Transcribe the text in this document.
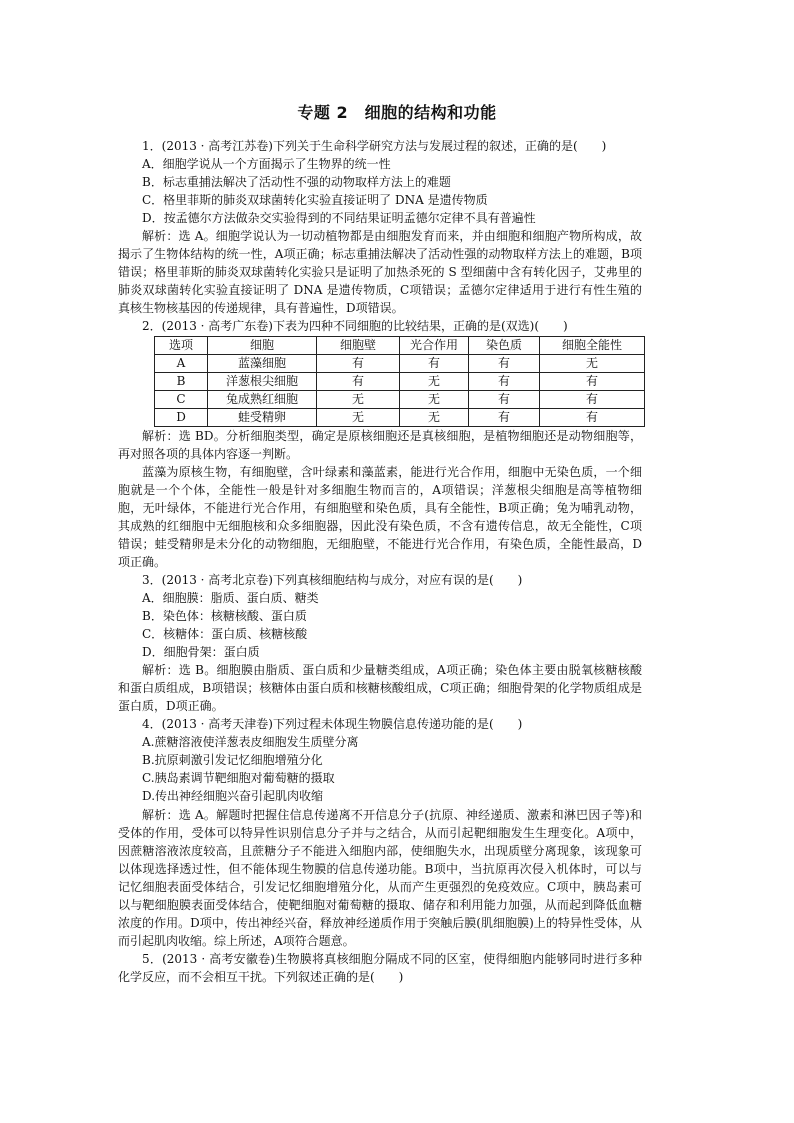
专题 2　细胞的结构和功能

1．(2013 · 高考江苏卷)下列关于生命科学研究方法与发展过程的叙述，正确的是(　　)

A．细胞学说从一个方面揭示了生物界的统一性

B．标志重捕法解决了活动性不强的动物取样方法上的难题

C．格里菲斯的肺炎双球菌转化实验直接证明了 DNA 是遗传物质

D．按孟德尔方法做杂交实验得到的不同结果证明孟德尔定律不具有普遍性

解析：选 A。细胞学说认为一切动植物都是由细胞发育而来，并由细胞和细胞产物所构成，故揭示了生物体结构的统一性，A项正确；标志重捕法解决了活动性强的动物取样方法上的难题，B项错误；格里菲斯的肺炎双球菌转化实验只是证明了加热杀死的 S 型细菌中含有转化因子，艾弗里的肺炎双球菌转化实验直接证明了 DNA 是遗传物质，C项错误；孟德尔定律适用于进行有性生殖的真核生物核基因的传递规律，具有普遍性，D项错误。

2．(2013 · 高考广东卷)下表为四种不同细胞的比较结果，正确的是(双选)(　　)

选项	细胞	细胞壁	光合作用	染色质	细胞全能性
A	蓝藻细胞	有	有	有	无
B	洋葱根尖细胞	有	无	有	有
C	兔成熟红细胞	无	无	有	有
D	蛙受精卵	无	无	有	有

解析：选 BD。分析细胞类型，确定是原核细胞还是真核细胞，是植物细胞还是动物细胞等，再对照各项的具体内容逐一判断。

蓝藻为原核生物，有细胞壁，含叶绿素和藻蓝素，能进行光合作用，细胞中无染色质，一个细胞就是一个个体，全能性一般是针对多细胞生物而言的，A项错误；洋葱根尖细胞是高等植物细胞，无叶绿体，不能进行光合作用，有细胞壁和染色质，具有全能性，B项正确；兔为哺乳动物，其成熟的红细胞中无细胞核和众多细胞器，因此没有染色质，不含有遗传信息，故无全能性，C项错误；蛙受精卵是未分化的动物细胞，无细胞壁，不能进行光合作用，有染色质，全能性最高，D项正确。

3．(2013 · 高考北京卷)下列真核细胞结构与成分，对应有误的是(　　)

A．细胞膜：脂质、蛋白质、糖类

B．染色体：核糖核酸、蛋白质

C．核糖体：蛋白质、核糖核酸

D．细胞骨架：蛋白质

解析：选 B。细胞膜由脂质、蛋白质和少量糖类组成，A项正确；染色体主要由脱氧核糖核酸和蛋白质组成，B项错误；核糖体由蛋白质和核糖核酸组成，C项正确；细胞骨架的化学物质组成是蛋白质，D项正确。

4．(2013 · 高考天津卷)下列过程未体现生物膜信息传递功能的是(　　)

A.蔗糖溶液使洋葱表皮细胞发生质壁分离

B.抗原刺激引发记忆细胞增殖分化

C.胰岛素调节靶细胞对葡萄糖的摄取

D.传出神经细胞兴奋引起肌肉收缩

解析：选 A。解题时把握住信息传递离不开信息分子(抗原、神经递质、激素和淋巴因子等)和受体的作用，受体可以特异性识别信息分子并与之结合，从而引起靶细胞发生生理变化。A项中，因蔗糖溶液浓度较高，且蔗糖分子不能进入细胞内部，使细胞失水，出现质壁分离现象，该现象可以体现选择透过性，但不能体现生物膜的信息传递功能。B项中，当抗原再次侵入机体时，可以与记忆细胞表面受体结合，引发记忆细胞增殖分化，从而产生更强烈的免疫效应。C项中，胰岛素可以与靶细胞膜表面受体结合，使靶细胞对葡萄糖的摄取、储存和利用能力加强，从而起到降低血糖浓度的作用。D项中，传出神经兴奋，释放神经递质作用于突触后膜(肌细胞膜)上的特异性受体，从而引起肌肉收缩。综上所述，A项符合题意。

5．(2013 · 高考安徽卷)生物膜将真核细胞分隔成不同的区室，使得细胞内能够同时进行多种化学反应，而不会相互干扰。下列叙述正确的是(　　)
